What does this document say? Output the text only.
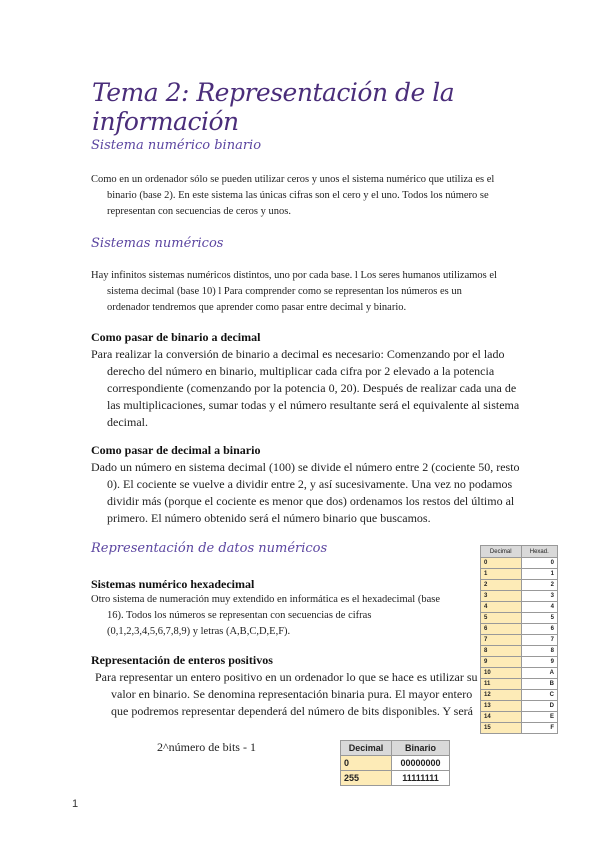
Tema 2: Representación de la información
Sistema numérico binario
Como en un ordenador sólo se pueden utilizar ceros y unos el sistema numérico que utiliza es el

binario (base 2). En este sistema las únicas cifras son el cero y el uno. Todos los número se
representan con secuencias de ceros y unos.
Sistemas numéricos
Hay infinitos sistemas numéricos distintos, uno por cada base. l Los seres humanos utilizamos el

sistema decimal (base 10) l Para comprender como se representan los números es un
ordenador tendremos que aprender como pasar entre decimal y binario.
Como pasar de binario a decimal
Para realizar la conversión de binario a decimal es necesario: Comenzando por el lado derecho del número en binario, multiplicar cada cifra por 2 elevado a la potencia correspondiente (comenzando por la potencia 0, 20). Después de realizar cada una de las multiplicaciones, sumar todas y el número resultante será el equivalente al sistema decimal.
Como pasar de decimal a binario
Dado un número en sistema decimal (100) se divide el número entre 2 (cociente 50, resto 0). El cociente se vuelve a dividir entre 2, y así sucesivamente. Una vez no podamos dividir más (porque el cociente es menor que dos) ordenamos los restos del último al primero. El número obtenido será el número binario que buscamos.
Representación de datos numéricos
Sistemas numérico hexadecimal
Otro sistema de numeración muy extendido en informática es el hexadecimal (base

16). Todos los números se representan con secuencias de cifras
(0,1,2,3,4,5,6,7,8,9) y letras (A,B,C,D,E,F).
Representación de enteros positivos
Para representar un entero positivo en un ordenador lo que se hace es utilizar su valor en binario. Se denomina representación binaria pura. El mayor entero que podremos representar dependerá del número de bits disponibles. Y será
2^número de bits - 1
Decimal	Hexad.
0	0
1	1
2	2
3	3
4	4
5	5
6	6
7	7
8	8
9	9
10	A
11	B
12	C
13	D
14	E
15	F
Decimal	Binario
0	00000000
255	11111111
1
